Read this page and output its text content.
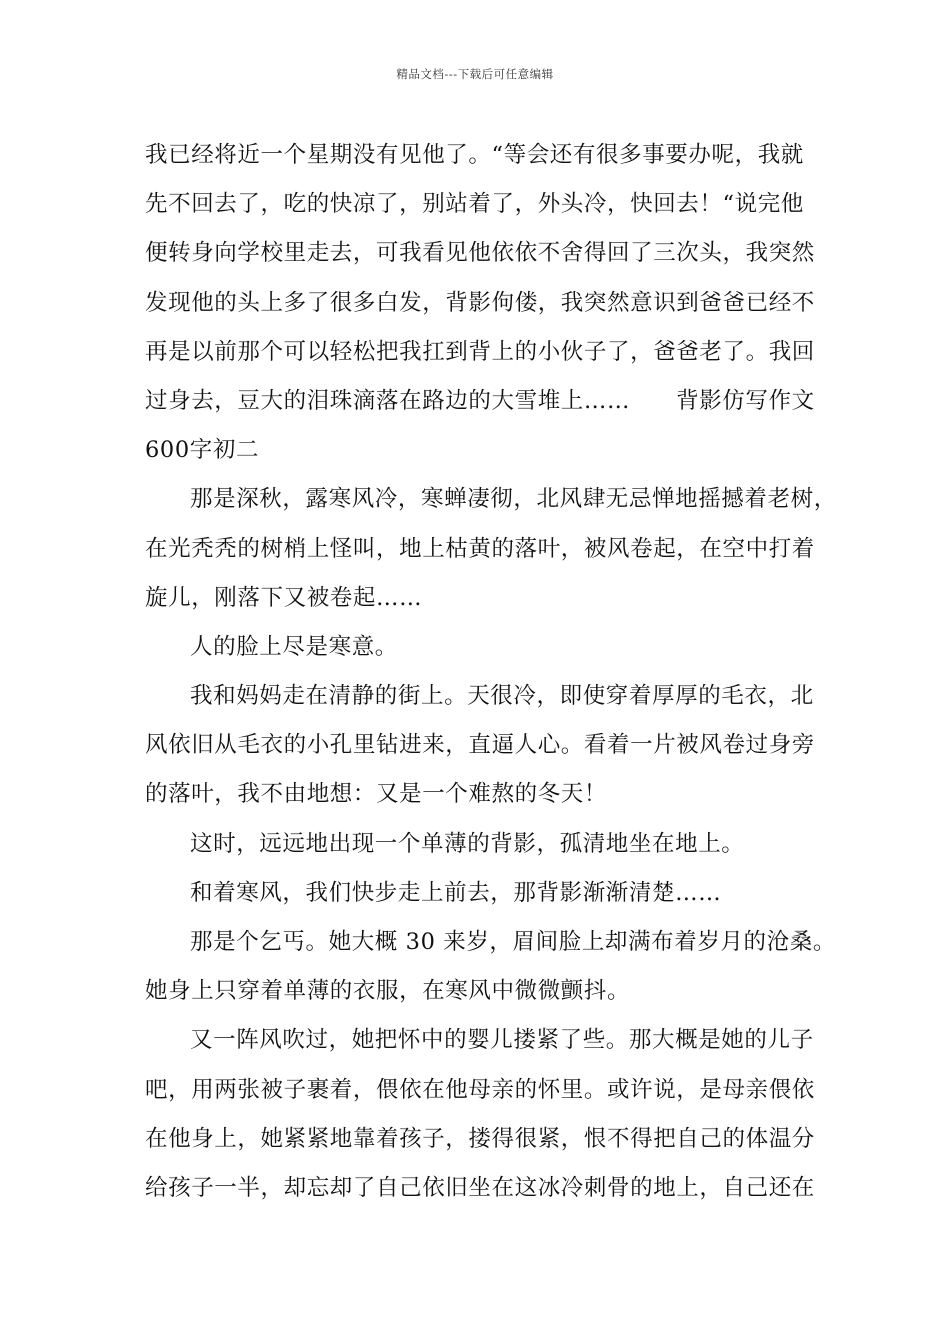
精品文档---下载后可任意编辑
我已经将近一个星期没有见他了。“等会还有很多事要办呢，我就
先不回去了，吃的快凉了，别站着了，外头冷，快回去！“说完他
便转身向学校里走去，可我看见他依依不舍得回了三次头，我突然
发现他的头上多了很多白发，背影佝偻，我突然意识到爸爸已经不
再是以前那个可以轻松把我扛到背上的小伙子了，爸爸老了。我回
过身去，豆大的泪珠滴落在路边的大雪堆上…… 背影仿写作文
600字初二
那是深秋，露寒风冷，寒蝉凄彻，北风肆无忌惮地摇撼着老树，
在光秃秃的树梢上怪叫，地上枯黄的落叶，被风卷起，在空中打着
旋儿，刚落下又被卷起……
人的脸上尽是寒意。
我和妈妈走在清静的街上。天很冷，即使穿着厚厚的毛衣，北
风依旧从毛衣的小孔里钻进来，直逼人心。看着一片被风卷过身旁
的落叶，我不由地想：又是一个难熬的冬天！
这时，远远地出现一个单薄的背影，孤清地坐在地上。
和着寒风，我们快步走上前去，那背影渐渐清楚……
那是个乞丐。她大概 30 来岁，眉间脸上却满布着岁月的沧桑。
她身上只穿着单薄的衣服，在寒风中微微颤抖。
又一阵风吹过，她把怀中的婴儿搂紧了些。那大概是她的儿子
吧，用两张被子裹着，偎依在他母亲的怀里。或许说，是母亲偎依
在他身上，她紧紧地靠着孩子，搂得很紧，恨不得把自己的体温分
给孩子一半，却忘却了自己依旧坐在这冰冷刺骨的地上，自己还在
